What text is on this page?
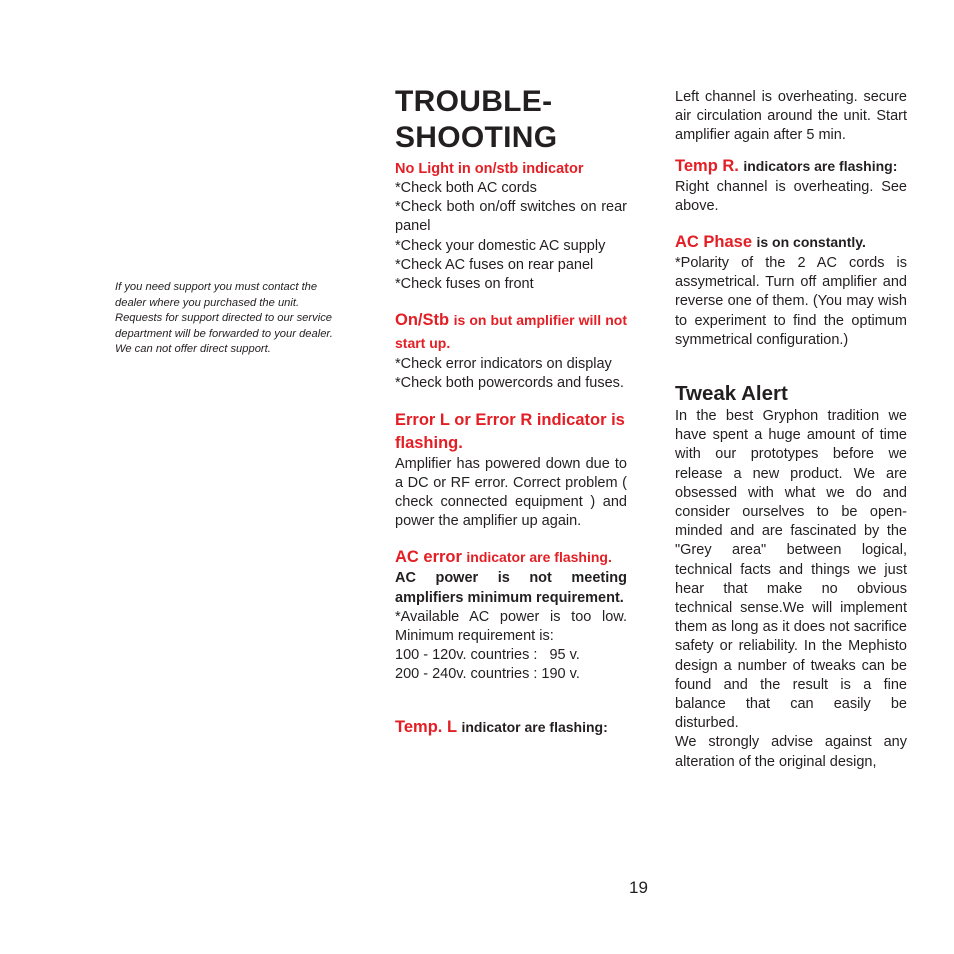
If you need support you must contact the dealer where you purchased the unit.

Requests for support directed to our service department will be forwarded to your dealer.

We can not offer direct support.

TROUBLE-
SHOOTING

No Light in on/stb indicator

*Check both AC cords

*Check both on/off switches on rear panel

*Check your domestic AC supply

*Check AC fuses on rear panel

*Check fuses on front

On/Stb is on but amplifier will not start up.

*Check error indicators on display

*Check both powercords and fuses.

Error L or Error R indicator is flashing.

Amplifier has powered down due to a DC or RF error. Correct problem ( check connected equipment ) and power the amplifier up again.

AC error indicator are flashing.

AC power is not meeting amplifiers minimum requirement.

*Available AC power is too low. Minimum requirement is:

100 - 120v. countries :   95 v.

200 - 240v. countries : 190 v.

Temp. L indicator are flashing:

Left channel is overheating. secure air circulation around the unit. Start amplifier again after 5 min.

Temp R. indicators are flashing:

Right channel is overheating. See above.

AC Phase is on constantly.

*Polarity of the 2 AC cords is assymetrical. Turn off amplifier and reverse one of them. (You may wish to experiment to find the optimum symmetrical configuration.)

Tweak Alert

In the best Gryphon tradition we have spent a huge amount of time with our prototypes before we release a new product. We are obsessed with what we do and consider ourselves to be open-minded and are fascinated by the "Grey area" between logical, technical facts and things we just hear that make no obvious technical sense.We will implement them as long as it does not sacrifice safety or reliability. In the Mephisto design a number of tweaks can be found and the result is a fine balance that can easily be disturbed.

We strongly advise against any alteration of the original design,

19
